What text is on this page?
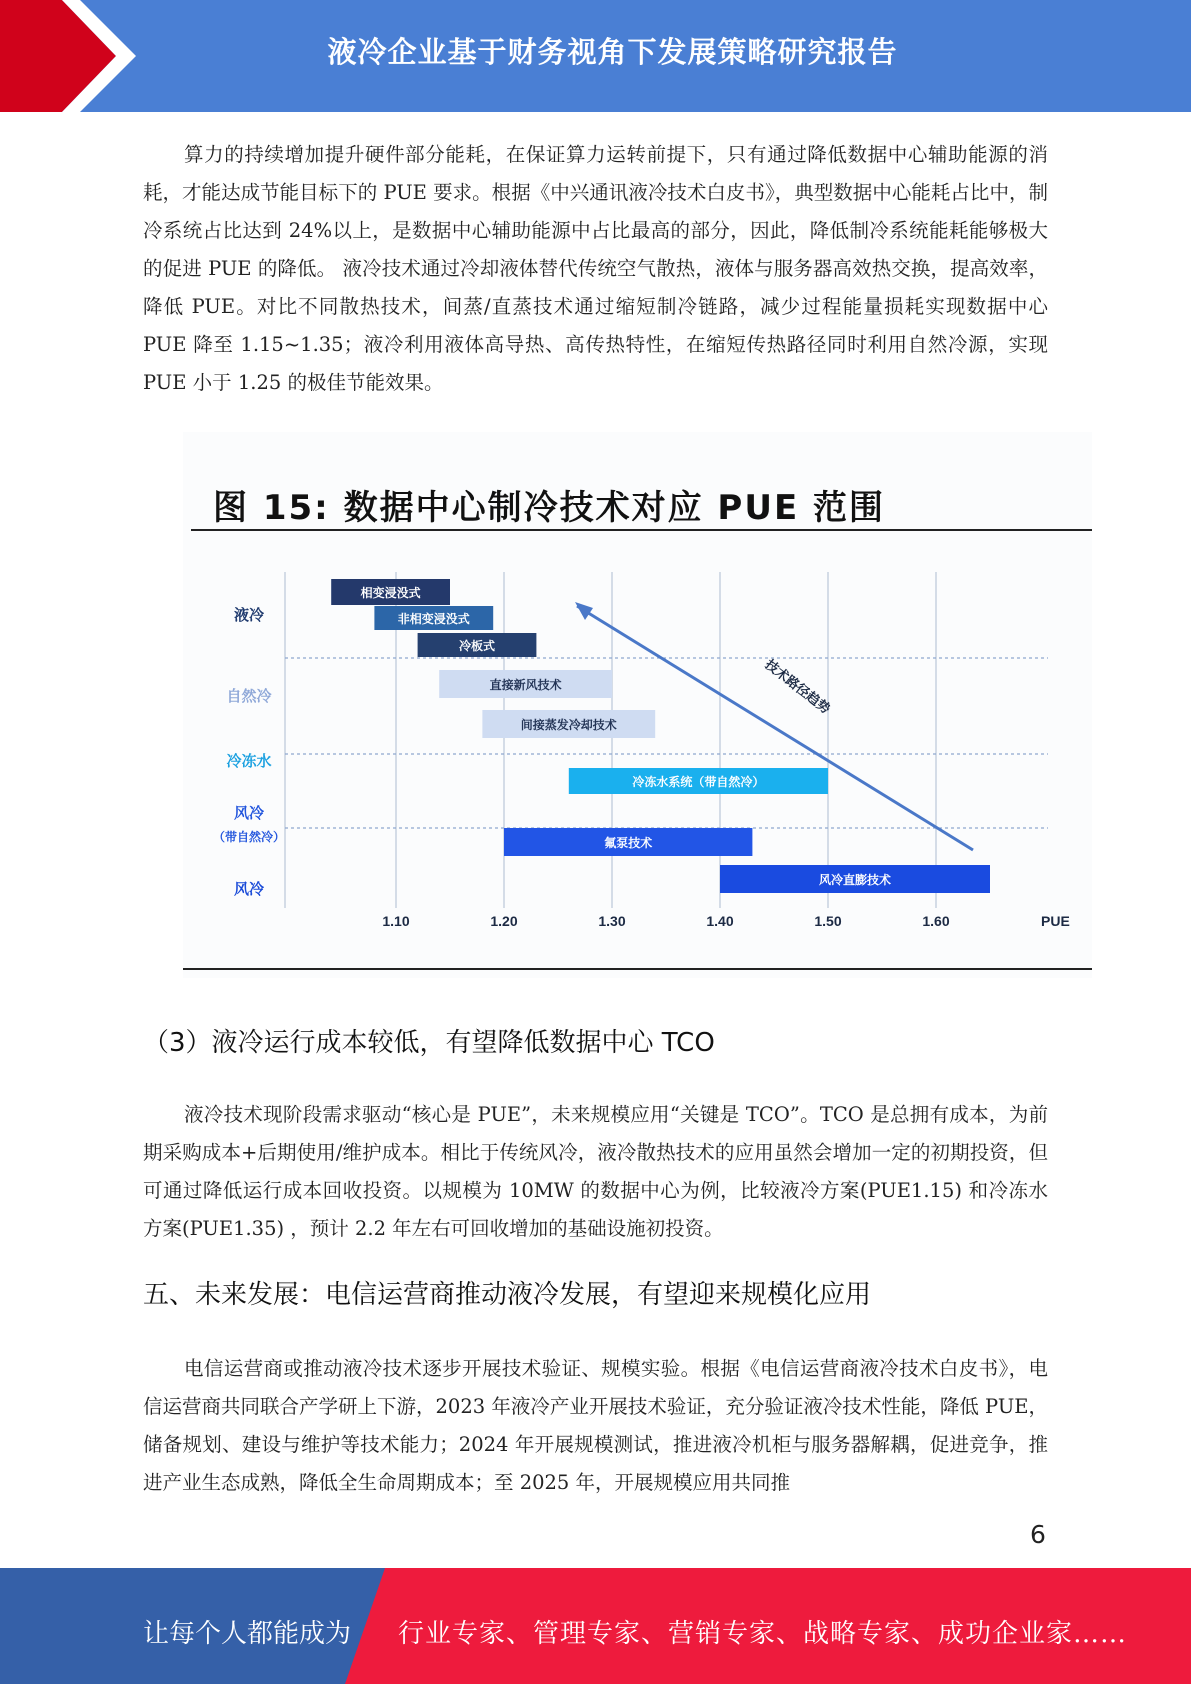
液冷企业基于财务视角下发展策略研究报告

算力的持续增加提升硬件部分能耗，在保证算力运转前提下，只有通过降低数据中心辅助能源的消耗，才能达成节能目标下的 PUE 要求。根据《中兴通讯液冷技术白皮书》，典型数据中心能耗占比中，制冷系统占比达到 24%以上，是数据中心辅助能源中占比最高的部分，因此，降低制冷系统能耗能够极大的促进 PUE 的降低。 液冷技术通过冷却液体替代传统空气散热，液体与服务器高效热交换，提高效率，降低 PUE。对比不同散热技术，间蒸/直蒸技术通过缩短制冷链路，减少过程能量损耗实现数据中心 PUE 降至 1.15~1.35；液冷利用液体高导热、高传热特性，在缩短传热路径同时利用自然冷源，实现 PUE 小于 1.25 的极佳节能效果。

图 15: 数据中心制冷技术对应 PUE 范围
1.10	1.20	1.30	1.40	1.50	1.60	PUE
液冷
自然冷
冷冻水
风冷
（带自然冷）
风冷
相变浸没式
非相变浸没式
冷板式
直接新风技术
间接蒸发冷却技术
冷冻水系统（带自然冷）
氟泵技术
风冷直膨技术
技术路径趋势
（3）液冷运行成本较低，有望降低数据中心 TCO

液冷技术现阶段需求驱动“核心是 PUE”，未来规模应用“关键是 TCO”。TCO 是总拥有成本，为前期采购成本+后期使用/维护成本。相比于传统风冷，液冷散热技术的应用虽然会增加一定的初期投资，但可通过降低运行成本回收投资。以规模为 10MW 的数据中心为例，比较液冷方案(PUE1.15) 和冷冻水方案(PUE1.35) ，预计 2.2 年左右可回收增加的基础设施初投资。

五、未来发展：电信运营商推动液冷发展，有望迎来规模化应用

电信运营商或推动液冷技术逐步开展技术验证、规模实验。根据《电信运营商液冷技术白皮书》，电信运营商共同联合产学研上下游，2023 年液冷产业开展技术验证，充分验证液冷技术性能，降低 PUE，储备规划、建设与维护等技术能力；2024 年开展规模测试，推进液冷机柜与服务器解耦，促进竞争，推进产业生态成熟，降低全生命周期成本；至 2025 年，开展规模应用共同推

6
让每个人都能成为 行业专家、管理专家、营销专家、战略专家、成功企业家……
